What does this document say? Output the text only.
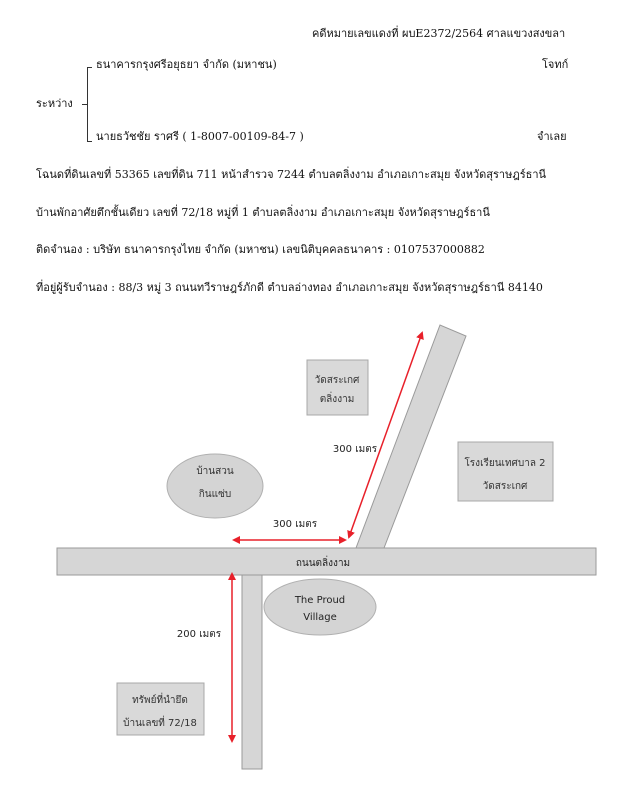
คดีหมายเลขแดงที่ ผบE2372/2564 ศาลแขวงสงขลา
ระหว่าง
ธนาคารกรุงศรีอยุธยา จำกัด (มหาชน)	โจทก์
นายธวัชชัย ราศรี ( 1-8007-00109-84-7 )	จำเลย
โฉนดที่ดินเลขที่ 53365 เลขที่ดิน 711 หน้าสำรวจ 7244 ตำบลตลิ่งงาม อำเภอเกาะสมุย จังหวัดสุราษฎร์ธานี
บ้านพักอาศัยตึกชั้นเดียว เลขที่ 72/18 หมู่ที่ 1 ตำบลตลิ่งงาม อำเภอเกาะสมุย จังหวัดสุราษฎร์ธานี
ติดจำนอง : บริษัท ธนาคารกรุงไทย จำกัด (มหาชน) เลขนิติบุคคลธนาคาร : 0107537000882
ที่อยู่ผู้รับจำนอง : 88/3 หมู่ 3 ถนนทวีราษฎร์ภักดี ตำบลอ่างทอง อำเภอเกาะสมุย จังหวัดสุราษฎร์ธานี 84140
ถนนตลิ่งงาม
วัดสระเกศ
ตลิ่งงาม
โรงเรียนเทศบาล 2
วัดสระเกศ
บ้านสวน
กินแซ่บ
The Proud
Village
ทรัพย์ที่นำยึด
บ้านเลขที่ 72/18
300 เมตร
300 เมตร
200 เมตร
